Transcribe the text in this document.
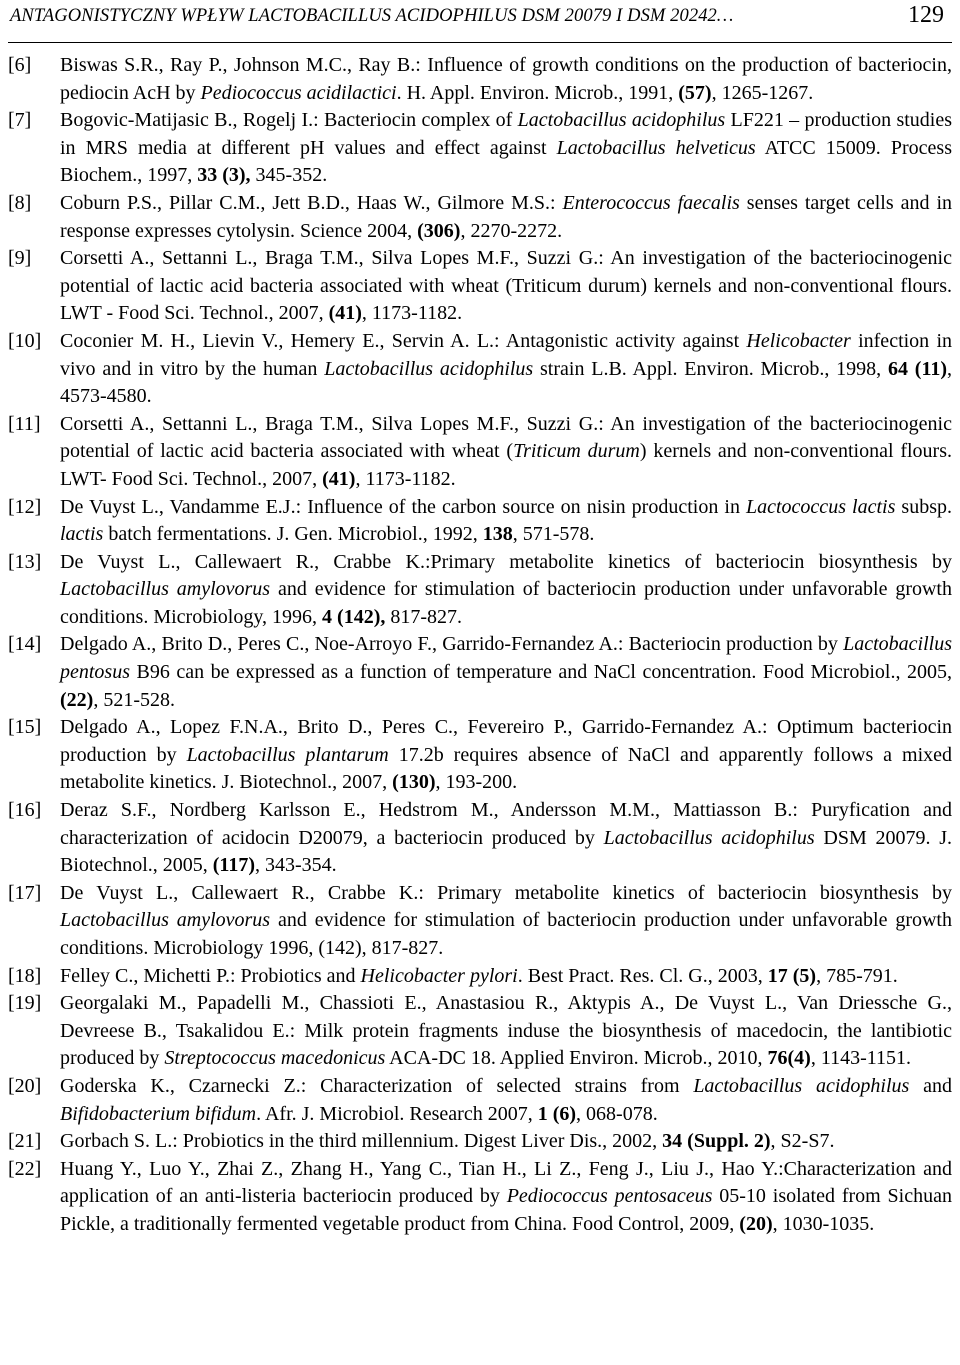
ANTAGONISTYCZNY WPŁYW LACTOBACILLUS ACIDOPHILUS DSM 20079 I DSM 20242…	129

[6] Biswas S.R., Ray P., Johnson M.C., Ray B.: Influence of growth conditions on the production of bacteriocin, pediocin AcH by Pediococcus acidilactici. H. Appl. Environ. Microb., 1991, (57), 1265-1267.

[7] Bogovic-Matijasic B., Rogelj I.: Bacteriocin complex of Lactobacillus acidophilus LF221 – production studies in MRS media at different pH values and effect against Lactobacillus helveticus ATCC 15009. Process Biochem., 1997, 33 (3), 345-352.

[8] Coburn P.S., Pillar C.M., Jett B.D., Haas W., Gilmore M.S.: Enterococcus faecalis senses target cells and in response expresses cytolysin. Science 2004, (306), 2270-2272.

[9] Corsetti A., Settanni L., Braga T.M., Silva Lopes M.F., Suzzi G.: An investigation of the bacteriocinogenic potential of lactic acid bacteria associated with wheat (Triticum durum) kernels and non-conventional flours. LWT - Food Sci. Technol., 2007, (41), 1173-1182.

[10] Coconier M. H., Lievin V., Hemery E., Servin A. L.: Antagonistic activity against Helicobacter infection in vivo and in vitro by the human Lactobacillus acidophilus strain L.B. Appl. Environ. Microb., 1998, 64 (11), 4573-4580.

[11] Corsetti A., Settanni L., Braga T.M., Silva Lopes M.F., Suzzi G.: An investigation of the bacteriocinogenic potential of lactic acid bacteria associated with wheat (Triticum durum) kernels and non-conventional flours. LWT- Food Sci. Technol., 2007, (41), 1173-1182.

[12] De Vuyst L., Vandamme E.J.: Influence of the carbon source on nisin production in Lactococcus lactis subsp. lactis batch fermentations. J. Gen. Microbiol., 1992, 138, 571-578.

[13] De Vuyst L., Callewaert R., Crabbe K.:Primary metabolite kinetics of bacteriocin biosynthesis by Lactobacillus amylovorus and evidence for stimulation of bacteriocin production under unfavorable growth conditions. Microbiology, 1996, 4 (142), 817-827.

[14] Delgado A., Brito D., Peres C., Noe-Arroyo F., Garrido-Fernandez A.: Bacteriocin production by Lactobacillus pentosus B96 can be expressed as a function of temperature and NaCl concentration. Food Microbiol., 2005, (22), 521-528.

[15] Delgado A., Lopez F.N.A., Brito D., Peres C., Fevereiro P., Garrido-Fernandez A.: Optimum bacteriocin production by Lactobacillus plantarum 17.2b requires absence of NaCl and apparently follows a mixed metabolite kinetics. J. Biotechnol., 2007, (130), 193-200.

[16] Deraz S.F., Nordberg Karlsson E., Hedstrom M., Andersson M.M., Mattiasson B.: Puryfication and characterization of acidocin D20079, a bacteriocin produced by Lactobacillus acidophilus DSM 20079. J. Biotechnol., 2005, (117), 343-354.

[17] De Vuyst L., Callewaert R., Crabbe K.: Primary metabolite kinetics of bacteriocin biosynthesis by Lactobacillus amylovorus and evidence for stimulation of bacteriocin production under unfavorable growth conditions. Microbiology 1996, (142), 817-827.

[18] Felley C., Michetti P.: Probiotics and Helicobacter pylori. Best Pract. Res. Cl. G., 2003, 17 (5), 785-791.

[19] Georgalaki M., Papadelli M., Chassioti E., Anastasiou R., Aktypis A., De Vuyst L., Van Driessche G., Devreese B., Tsakalidou E.: Milk protein fragments induse the biosynthesis of macedocin, the lantibiotic produced by Streptococcus macedonicus ACA-DC 18. Applied Environ. Microb., 2010, 76(4), 1143-1151.

[20] Goderska K., Czarnecki Z.: Characterization of selected strains from Lactobacillus acidophilus and Bifidobacterium bifidum. Afr. J. Microbiol. Research 2007, 1 (6), 068-078.

[21] Gorbach S. L.: Probiotics in the third millennium. Digest Liver Dis., 2002, 34 (Suppl. 2), S2-S7.

[22] Huang Y., Luo Y., Zhai Z., Zhang H., Yang C., Tian H., Li Z., Feng J., Liu J., Hao Y.:Characterization and application of an anti-listeria bacteriocin produced by Pediococcus pentosaceus 05-10 isolated from Sichuan Pickle, a traditionally fermented vegetable product from China. Food Control, 2009, (20), 1030-1035.
